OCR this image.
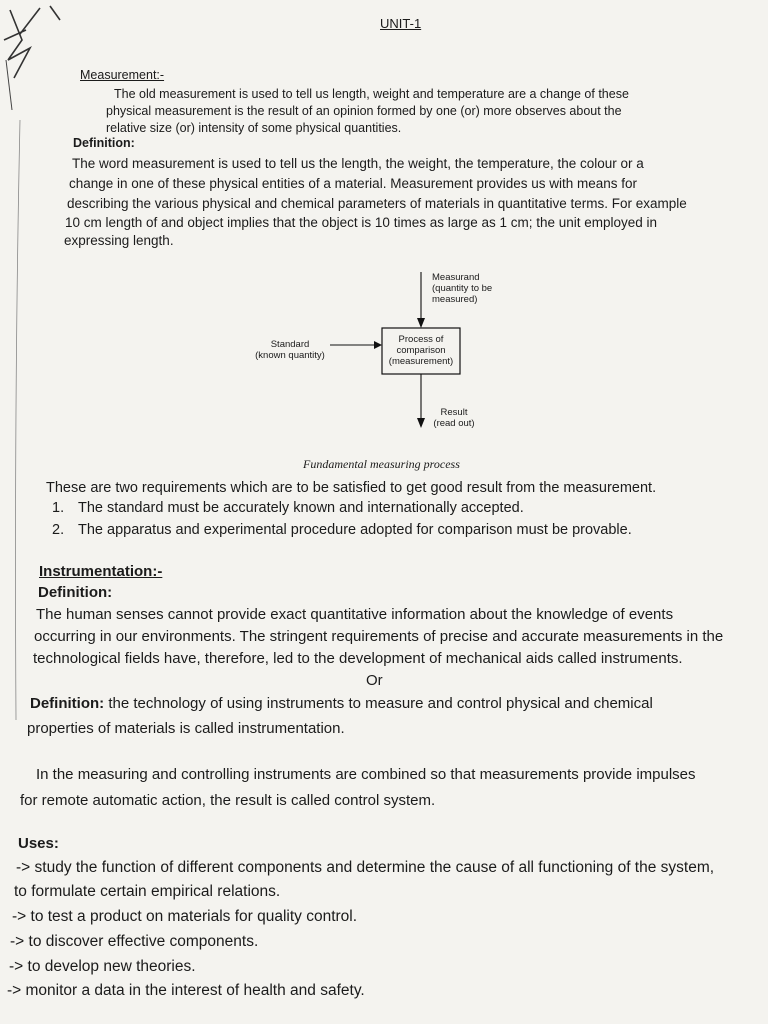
UNIT-1
Measurement:-
The old measurement is used to tell us length, weight and temperature are a change of these
physical measurement is the result of an opinion formed by one (or) more observes about the
relative size (or) intensity of some physical quantities.
Definition:
The word measurement is used to tell us the length, the weight, the temperature, the colour or a
change in one of these physical entities of a material. Measurement provides us with means for
describing the various physical and chemical parameters of materials in quantitative terms. For example
10 cm length of and object implies that the object is 10 times as large as 1 cm; the unit employed in
expressing length.
Measurand
(quantity to be
measured)
Standard
(known quantity)
Process of
comparison
(measurement)
Result
(read out)
Fundamental measuring process
These are two requirements which are to be satisfied to get good result from the measurement.
1. The standard must be accurately known and internationally accepted.
2. The apparatus and experimental procedure adopted for comparison must be provable.
Instrumentation:-
Definition:
The human senses cannot provide exact quantitative information about the knowledge of events
occurring in our environments. The stringent requirements of precise and accurate measurements in the
technological fields have, therefore, led to the development of mechanical aids called instruments.
Or
Definition: the technology of using instruments to measure and control physical and chemical
properties of materials is called instrumentation.
In the measuring and controlling instruments are combined so that measurements provide impulses
for remote automatic action, the result is called control system.
Uses:
-> study the function of different components and determine the cause of all functioning of the system,
to formulate certain empirical relations.
-> to test a product on materials for quality control.
-> to discover effective components.
-> to develop new theories.
-> monitor a data in the interest of health and safety.
